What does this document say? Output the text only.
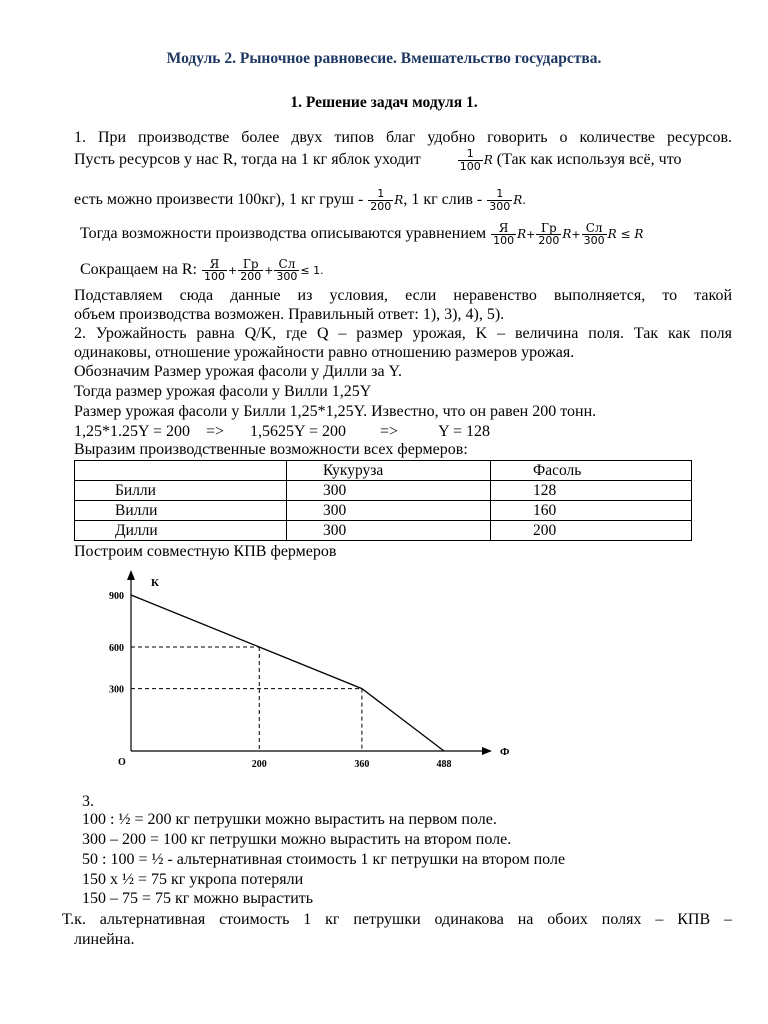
Модуль 2. Рыночное равновесие. Вмешательство государства.
1. Решение задач модуля 1.
1. При производстве более двух типов благ удобно говорить о количестве ресурсов.
Пусть ресурсов у нас R, тогда на 1 кг яблок уходит	$\frac{1}{100}$ R (Так как используя всё, что
есть можно произвести 100кг), 1 кг груш - $\frac{1}{200} R$, 1 кг слив - $\frac{1}{300} R$.
Тогда возможности производства описываются уравнением $\frac{Я}{100} R+ \frac{Гр}{200} R+ \frac{Сл}{300}$ R ≤ R
Сокращаем на R: $\frac{Я}{100} + \frac{Гр}{200} + \frac{Сл}{300} \le 1$.
Подставляем сюда данные из условия, если неравенство выполняется, то такой
объем производства возможен. Правильный ответ: 1), 3), 4), 5).
2. Урожайность равна Q/K, где Q – размер урожая, K – величина поля. Так как поля
одинаковы, отношение урожайности равно отношению размеров урожая.
Обозначим Размер урожая фасоли у Дилли за Y.
Тогда размер урожая фасоли у Вилли 1,25Y
Размер урожая фасоли у Билли 1,25*1,25Y. Известно, что он равен 200 тонн.
1,25*1.25Y = 200 => 1,5625Y = 200 =>	Y = 128
Выразим производственные возможности всех фермеров:
	Кукуруза	Фасоль
Билли	300	128
Вилли	300	160
Дилли	300	200
Построим совместную КПВ фермеров
900
600
300
200	360	488
К
Ф
О
3.
100 : ½ = 200 кг петрушки можно вырастить на первом поле.
300 – 200 = 100 кг петрушки можно вырастить на втором поле.
50 : 100 = ½ - альтернативная стоимость 1 кг петрушки на втором поле
150 х ½ = 75 кг укропа потеряли
150 – 75 = 75 кг можно вырастить
Т.к. альтернативная стоимость 1 кг петрушки одинакова на обоих полях – КПВ –
линейна.
